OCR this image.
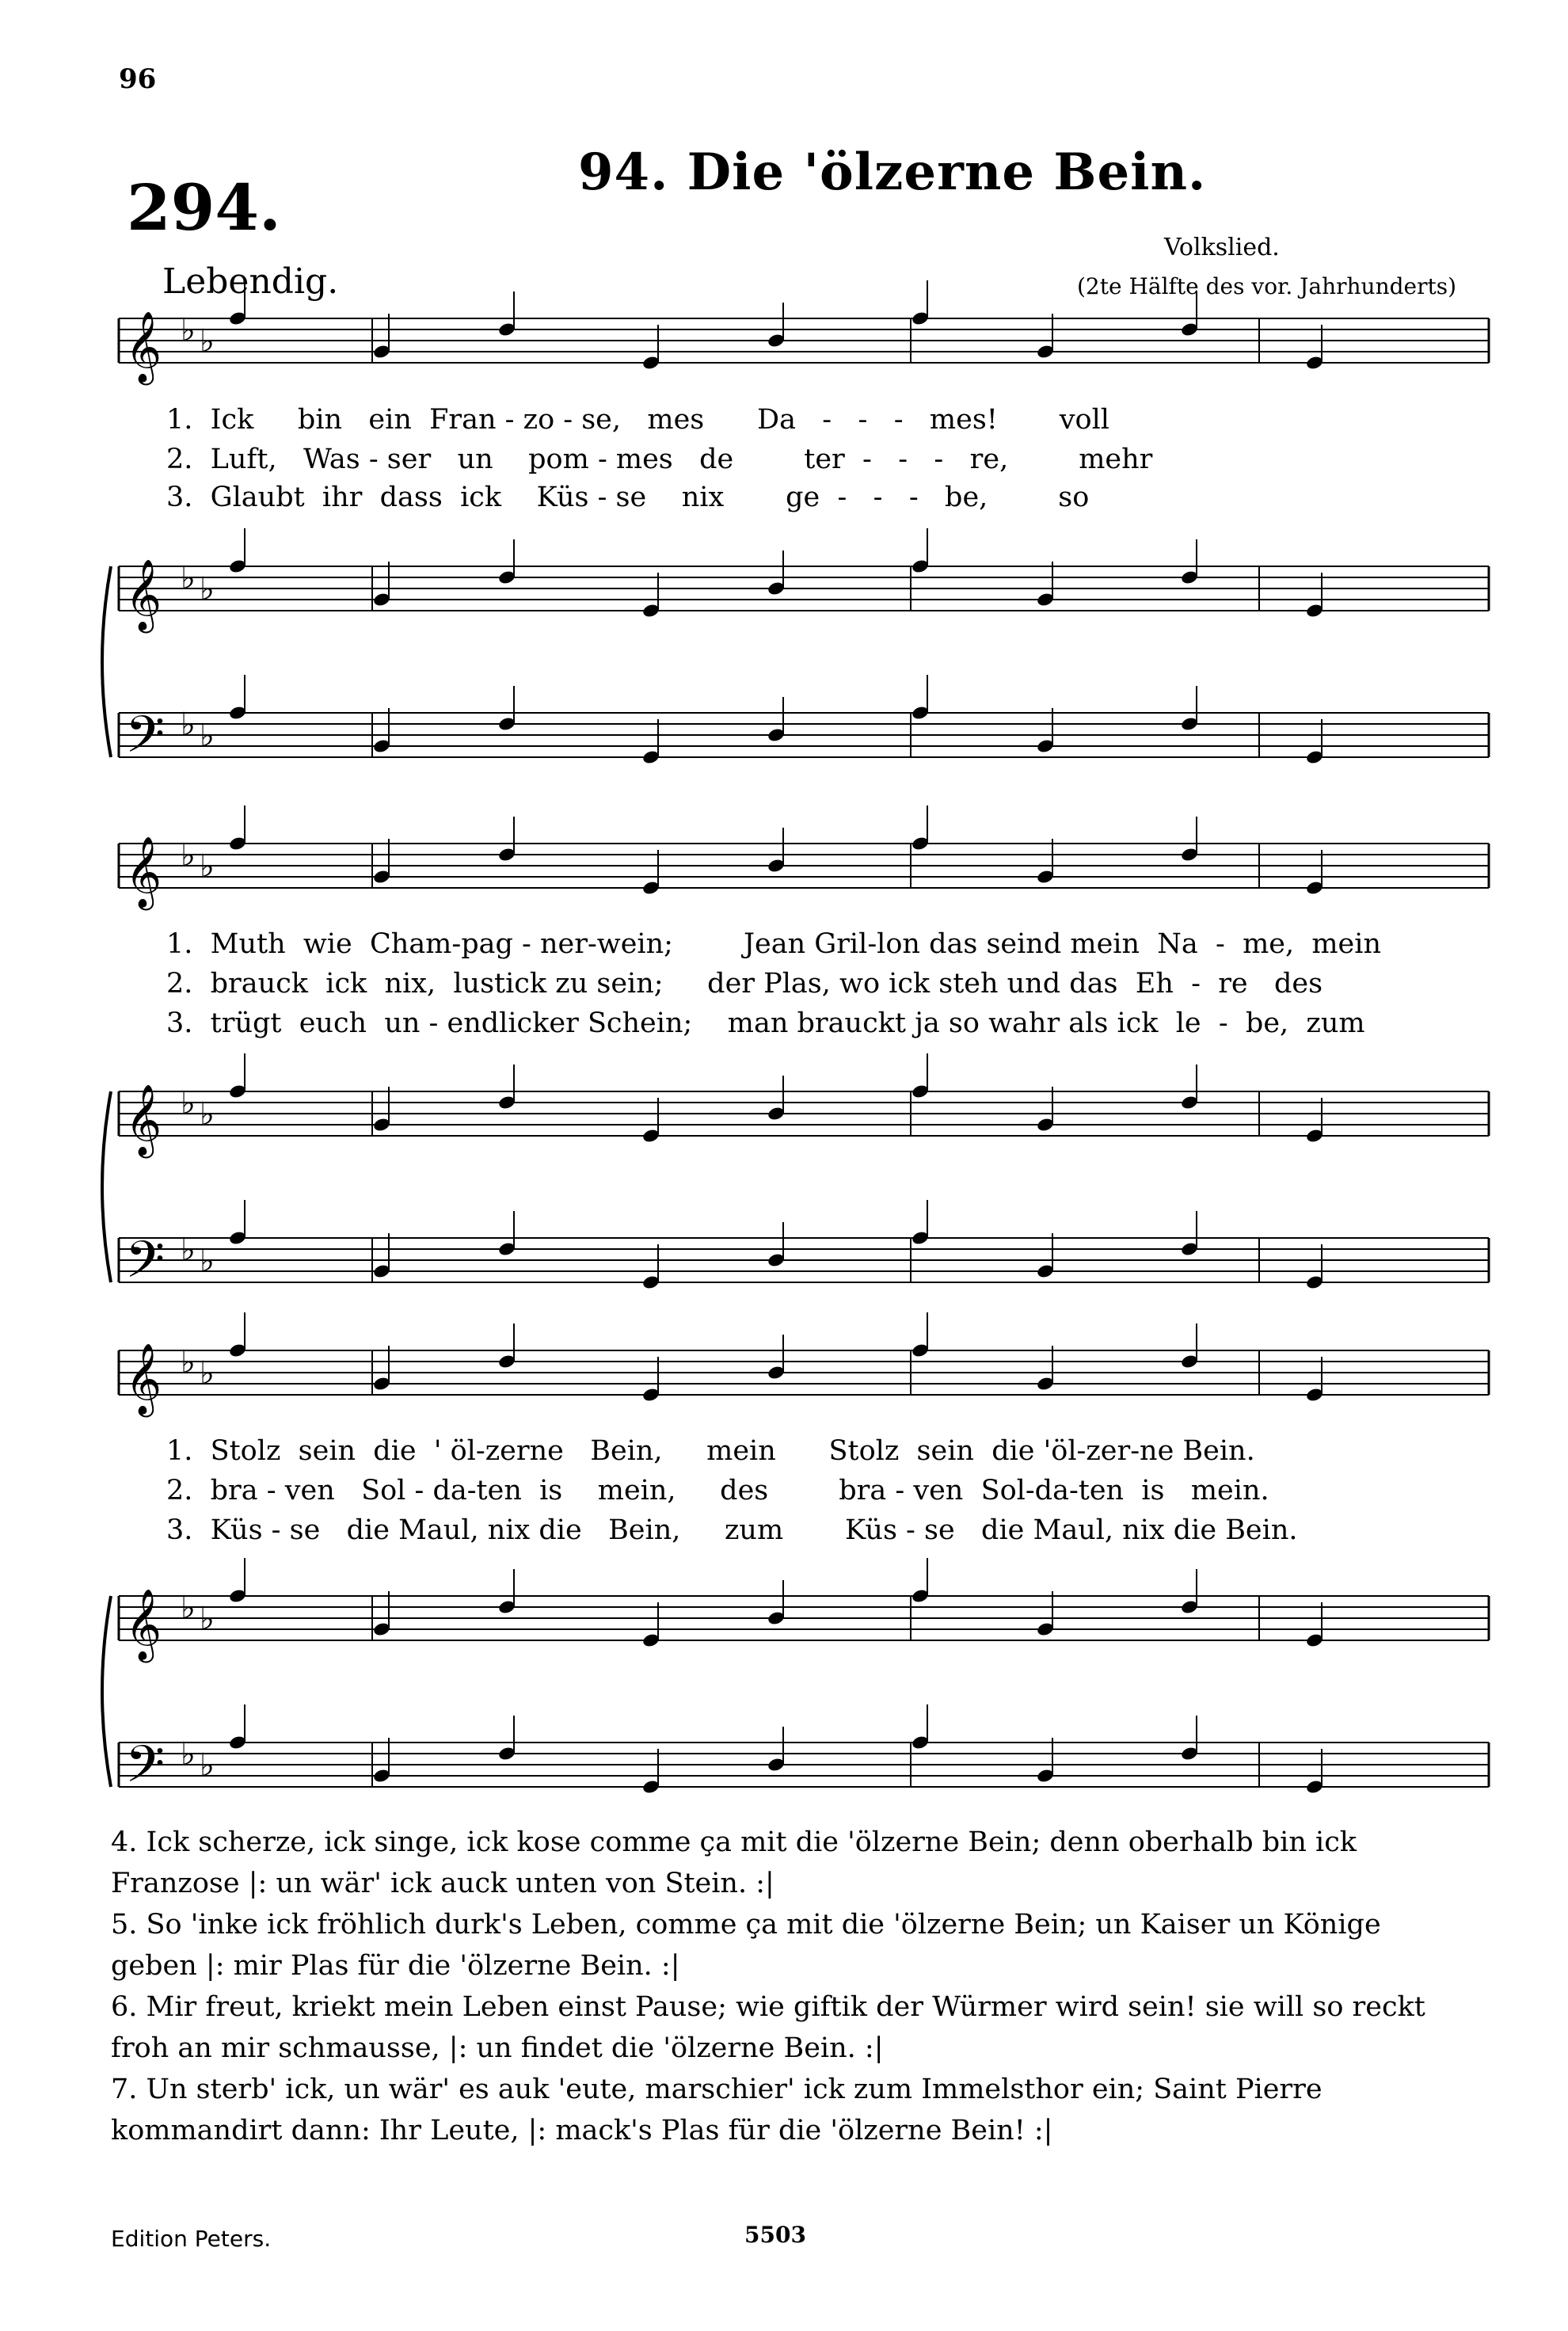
96
94. Die 'ölzerne Bein.
294.
Lebendig.
Volkslied.
(2te Hälfte des vor. Jahrhunderts)
𝄞 ♭ ♭
𝄞 ♭ ♭
𝄢 ♭ ♭
𝄞 ♭ ♭
𝄞 ♭ ♭
𝄢 ♭ ♭
𝄞 ♭ ♭
𝄞 ♭ ♭
𝄢 ♭ ♭
1.  Ick     bin   ein  Fran - zo - se,   mes      Da   -   -   -   mes!       voll
2.  Luft,   Was - ser   un    pom - mes   de        ter  -   -   -   re,        mehr
3.  Glaubt  ihr  dass  ick    Küs - se    nix       ge  -   -   -   be,        so
1.  Muth  wie  Cham-pag - ner-wein;        Jean Gril-lon das seind mein  Na  -  me,  mein
2.  brauck  ick  nix,  lustick zu sein;     der Plas, wo ick steh und das  Eh  -  re   des
3.  trügt  euch  un - endlicker Schein;    man brauckt ja so wahr als ick  le  -  be,  zum
1.  Stolz  sein  die  ' öl-zerne   Bein,     mein      Stolz  sein  die 'öl-zer-ne Bein.
2.  bra - ven   Sol - da-ten  is    mein,     des        bra - ven  Sol-da-ten  is   mein.
3.  Küs - se   die Maul, nix die   Bein,     zum       Küs - se   die Maul, nix die Bein.

4. Ick scherze, ick singe, ick kose comme ça mit die 'ölzerne Bein; denn oberhalb bin ick Franzose |: un wär' ick auck unten von Stein. :|

5. So 'inke ick fröhlich durk's Leben, comme ça mit die 'ölzerne Bein; un Kaiser un Könige geben |: mir Plas für die 'ölzerne Bein. :|

6. Mir freut, kriekt mein Leben einst Pause; wie giftik der Würmer wird sein! sie will so reckt froh an mir schmausse, |: un findet die 'ölzerne Bein. :|

7. Un sterb' ick, un wär' es auk 'eute, marschier' ick zum Immelsthor ein; Saint Pierre kommandirt dann: Ihr Leute, |: mack's Plas für die 'ölzerne Bein! :|

Edition Peters.	5503
